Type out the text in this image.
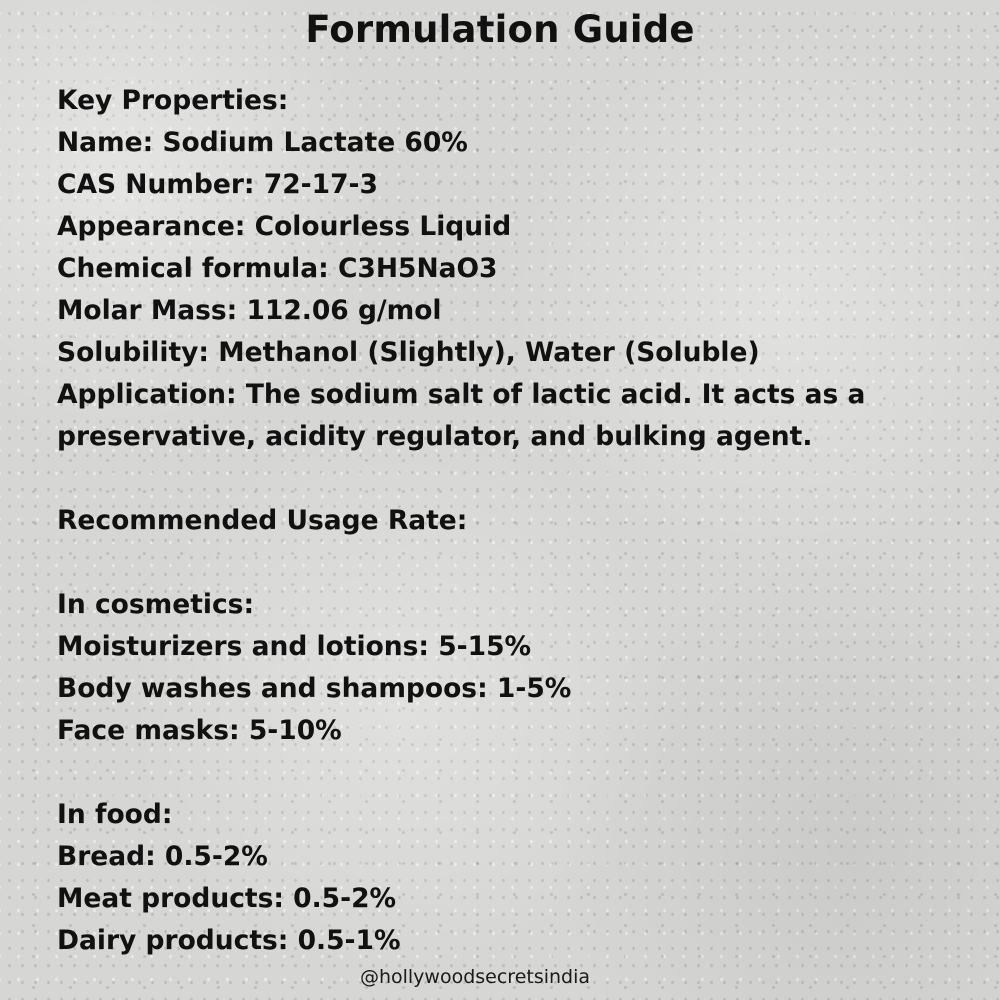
Formulation Guide
Key Properties:
Name: Sodium Lactate 60%
CAS Number: 72-17-3
Appearance: Colourless Liquid
Chemical formula: C3H5NaO3
Molar Mass: 112.06 g/mol
Solubility: Methanol (Slightly), Water (Soluble)
Application: The sodium salt of lactic acid. It acts as a
preservative, acidity regulator, and bulking agent.
Recommended Usage Rate:
In cosmetics:
Moisturizers and lotions: 5-15%
Body washes and shampoos: 1-5%
Face masks: 5-10%
In food:
Bread: 0.5-2%
Meat products: 0.5-2%
Dairy products: 0.5-1%
@hollywoodsecretsindia
